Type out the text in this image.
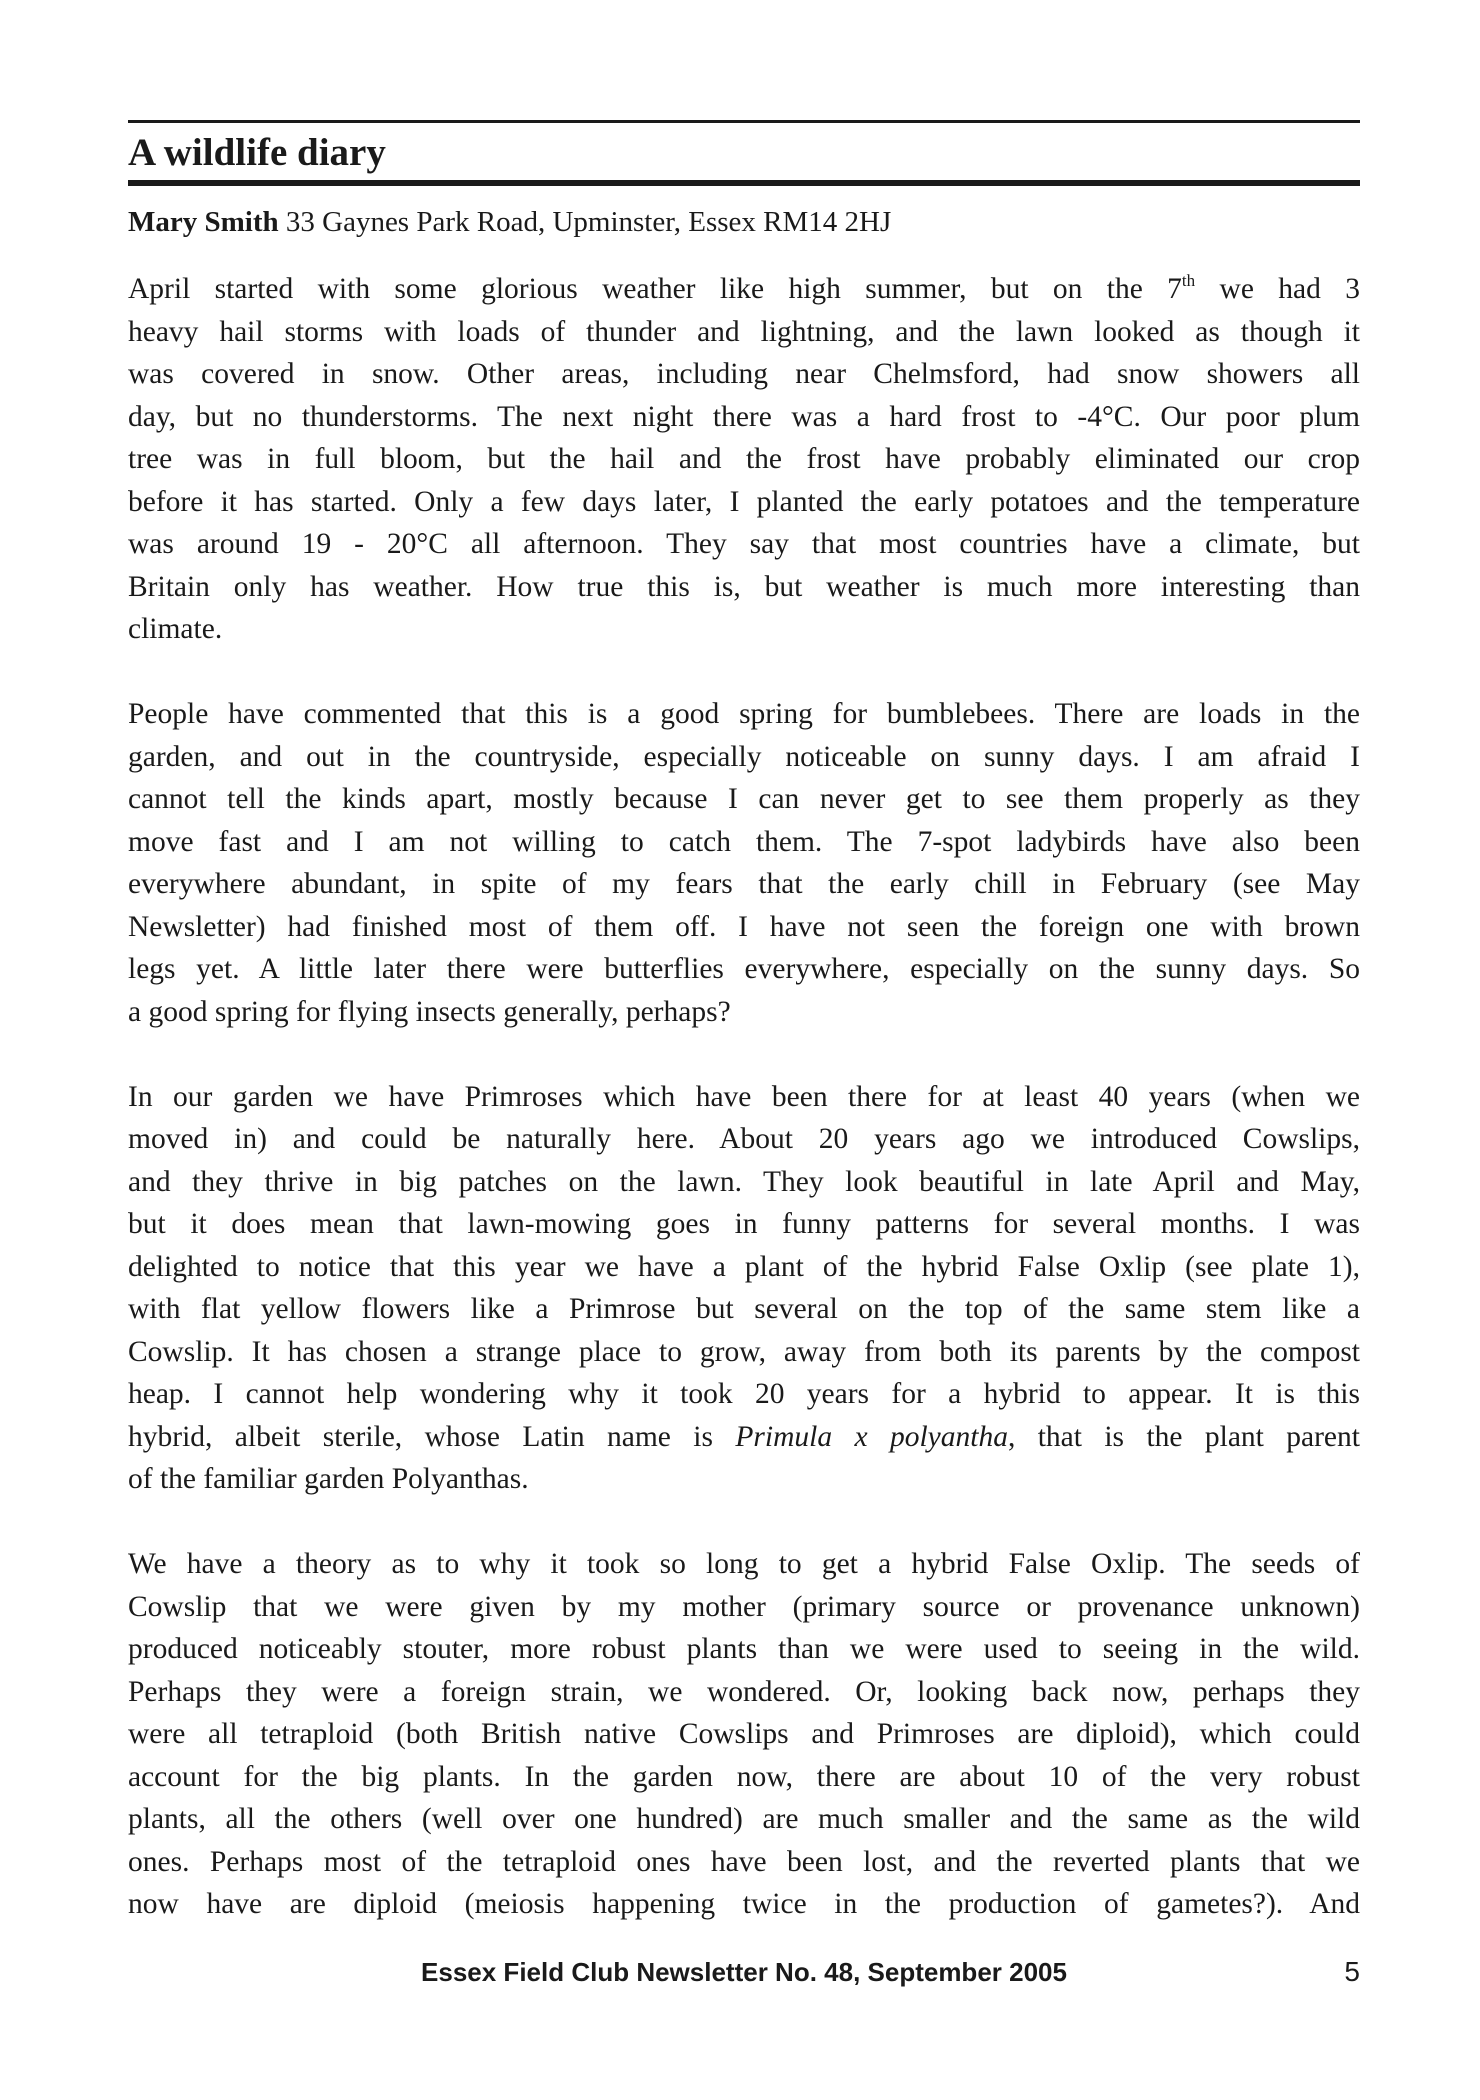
A wildlife diary

Mary Smith 33 Gaynes Park Road, Upminster, Essex RM14 2HJ

April started with some glorious weather like high summer, but on the 7th we had 3
heavy hail storms with loads of thunder and lightning, and the lawn looked as though it
was covered in snow. Other areas, including near Chelmsford, had snow showers all
day, but no thunderstorms. The next night there was a hard frost to -4°C. Our poor plum
tree was in full bloom, but the hail and the frost have probably eliminated our crop
before it has started. Only a few days later, I planted the early potatoes and the temperature
was around 19 - 20°C all afternoon. They say that most countries have a climate, but
Britain only has weather. How true this is, but weather is much more interesting than
climate.
People have commented that this is a good spring for bumblebees. There are loads in the
garden, and out in the countryside, especially noticeable on sunny days. I am afraid I
cannot tell the kinds apart, mostly because I can never get to see them properly as they
move fast and I am not willing to catch them. The 7-spot ladybirds have also been
everywhere abundant, in spite of my fears that the early chill in February (see May
Newsletter) had finished most of them off. I have not seen the foreign one with brown
legs yet. A little later there were butterflies everywhere, especially on the sunny days. So
a good spring for flying insects generally, perhaps?
In our garden we have Primroses which have been there for at least 40 years (when we
moved in) and could be naturally here. About 20 years ago we introduced Cowslips,
and they thrive in big patches on the lawn. They look beautiful in late April and May,
but it does mean that lawn-mowing goes in funny patterns for several months. I was
delighted to notice that this year we have a plant of the hybrid False Oxlip (see plate 1),
with flat yellow flowers like a Primrose but several on the top of the same stem like a
Cowslip. It has chosen a strange place to grow, away from both its parents by the compost
heap. I cannot help wondering why it took 20 years for a hybrid to appear. It is this
hybrid, albeit sterile, whose Latin name is Primula x polyantha, that is the plant parent
of the familiar garden Polyanthas.
We have a theory as to why it took so long to get a hybrid False Oxlip. The seeds of
Cowslip that we were given by my mother (primary source or provenance unknown)
produced noticeably stouter, more robust plants than we were used to seeing in the wild.
Perhaps they were a foreign strain, we wondered. Or, looking back now, perhaps they
were all tetraploid (both British native Cowslips and Primroses are diploid), which could
account for the big plants. In the garden now, there are about 10 of the very robust
plants, all the others (well over one hundred) are much smaller and the same as the wild
ones. Perhaps most of the tetraploid ones have been lost, and the reverted plants that we
now have are diploid (meiosis happening twice in the production of gametes?). And
Essex Field Club Newsletter No. 48, September 2005	5
